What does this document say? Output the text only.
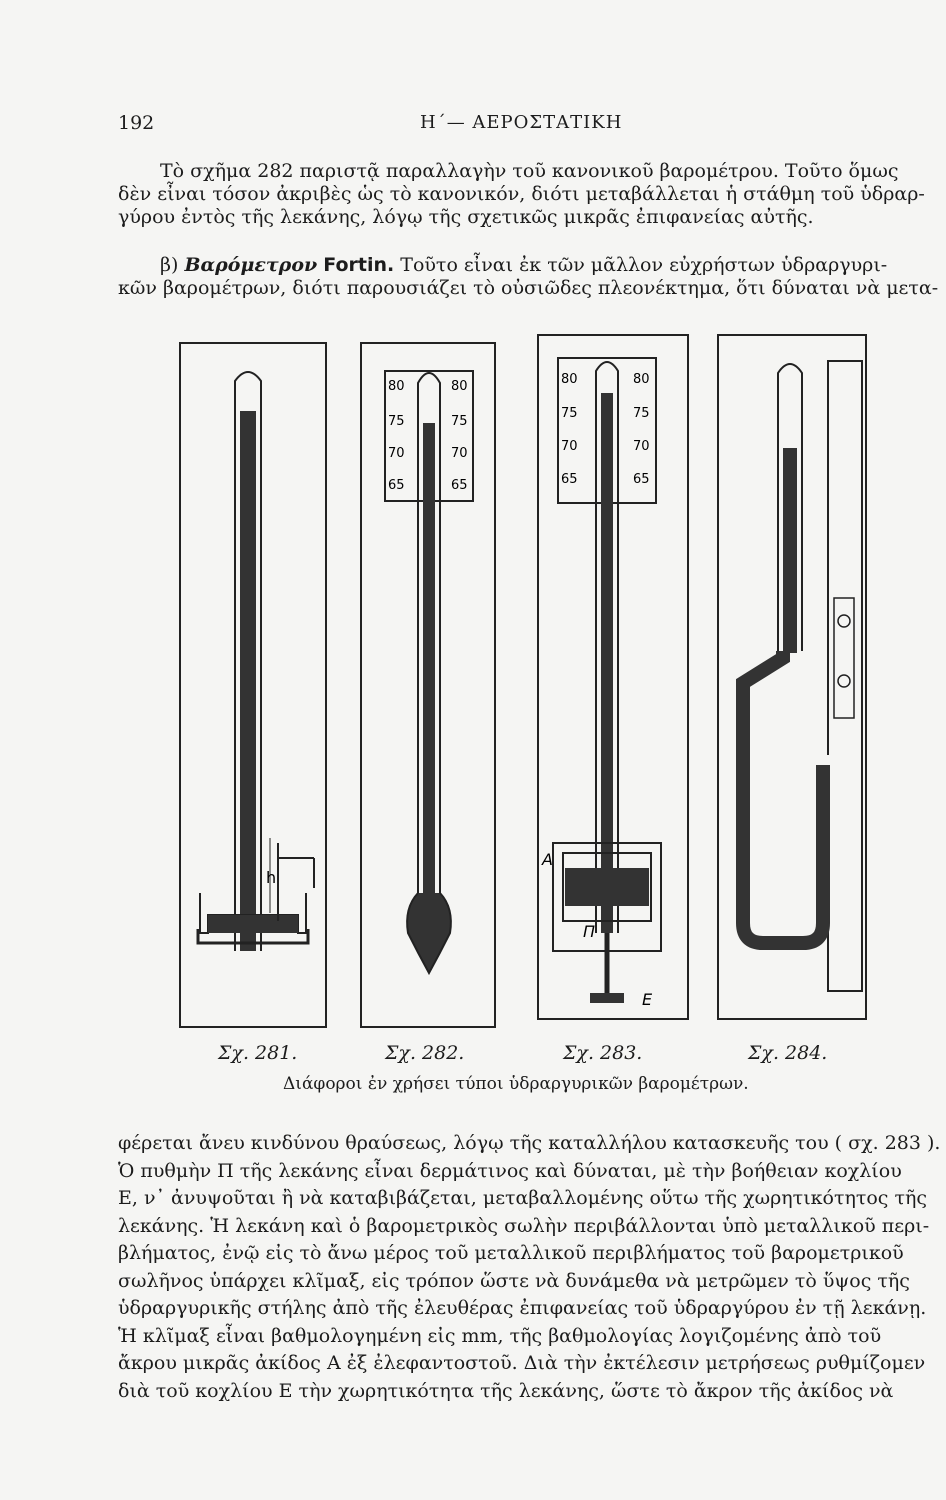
192	Η΄— ΑΕΡΟΣΤΑΤΙΚΗ
Τὸ σχῆμα 282 παριστᾷ παραλλαγὴν τοῦ κανονικοῦ βαρομέτρου. Τοῦτο ὅμως
δὲν εἶναι τόσον ἀκριβὲς ὡς τὸ κανονικόν, διότι μεταβάλλεται ἡ στάθμη τοῦ ὑδραρ-
γύρου ἐντὸς τῆς λεκάνης, λόγῳ τῆς σχετικῶς μικρᾶς ἐπιφανείας αὐτῆς.
β) Βαρόμετρον Fortin. Τοῦτο εἶναι ἐκ τῶν μᾶλλον εὐχρήστων ὑδραργυρι-
κῶν βαρομέτρων, διότι παρουσιάζει τὸ οὐσιῶδες πλεονέκτημα, ὅτι δύναται νὰ μετα-
h
80
75
70
65
80
75
70
65
80
75
70
65
80
75
70
65
A
Π
E
Σχ. 281.	Σχ. 282.	Σχ. 283.	Σχ. 284.
Διάφοροι ἐν χρήσει τύποι ὑδραργυρικῶν βαρομέτρων.
φέρεται ἄνευ κινδύνου θραύσεως, λόγῳ τῆς καταλλήλου κατασκευῆς του ( σχ. 283 ).
Ὁ πυθμὴν Π τῆς λεκάνης εἶναι δερμάτινος καὶ δύναται, μὲ τὴν βοήθειαν κοχλίου
Ε, ν᾽ ἀνυψοῦται ἢ νὰ καταβιβάζεται, μεταβαλλομένης οὕτω τῆς χωρητικότητος τῆς
λεκάνης. Ἡ λεκάνη καὶ ὁ βαρομετρικὸς σωλὴν περιβάλλονται ὑπὸ μεταλλικοῦ περι-
βλήματος, ἐνῷ εἰς τὸ ἄνω μέρος τοῦ μεταλλικοῦ περιβλήματος τοῦ βαρομετρικοῦ
σωλῆνος ὑπάρχει κλῖμαξ, εἰς τρόπον ὥστε νὰ δυνάμεθα νὰ μετρῶμεν τὸ ὕψος τῆς
ὑδραργυρικῆς στήλης ἀπὸ τῆς ἐλευθέρας ἐπιφανείας τοῦ ὑδραργύρου ἐν τῇ λεκάνῃ.
Ἡ κλῖμαξ εἶναι βαθμολογημένη εἰς mm, τῆς βαθμολογίας λογιζομένης ἀπὸ τοῦ
ἄκρου μικρᾶς ἀκίδος Α ἐξ ἐλεφαντοστοῦ. Διὰ τὴν ἐκτέλεσιν μετρήσεως ρυθμίζομεν
διὰ τοῦ κοχλίου Ε τὴν χωρητικότητα τῆς λεκάνης, ὥστε τὸ ἄκρον τῆς ἀκίδος νὰ
